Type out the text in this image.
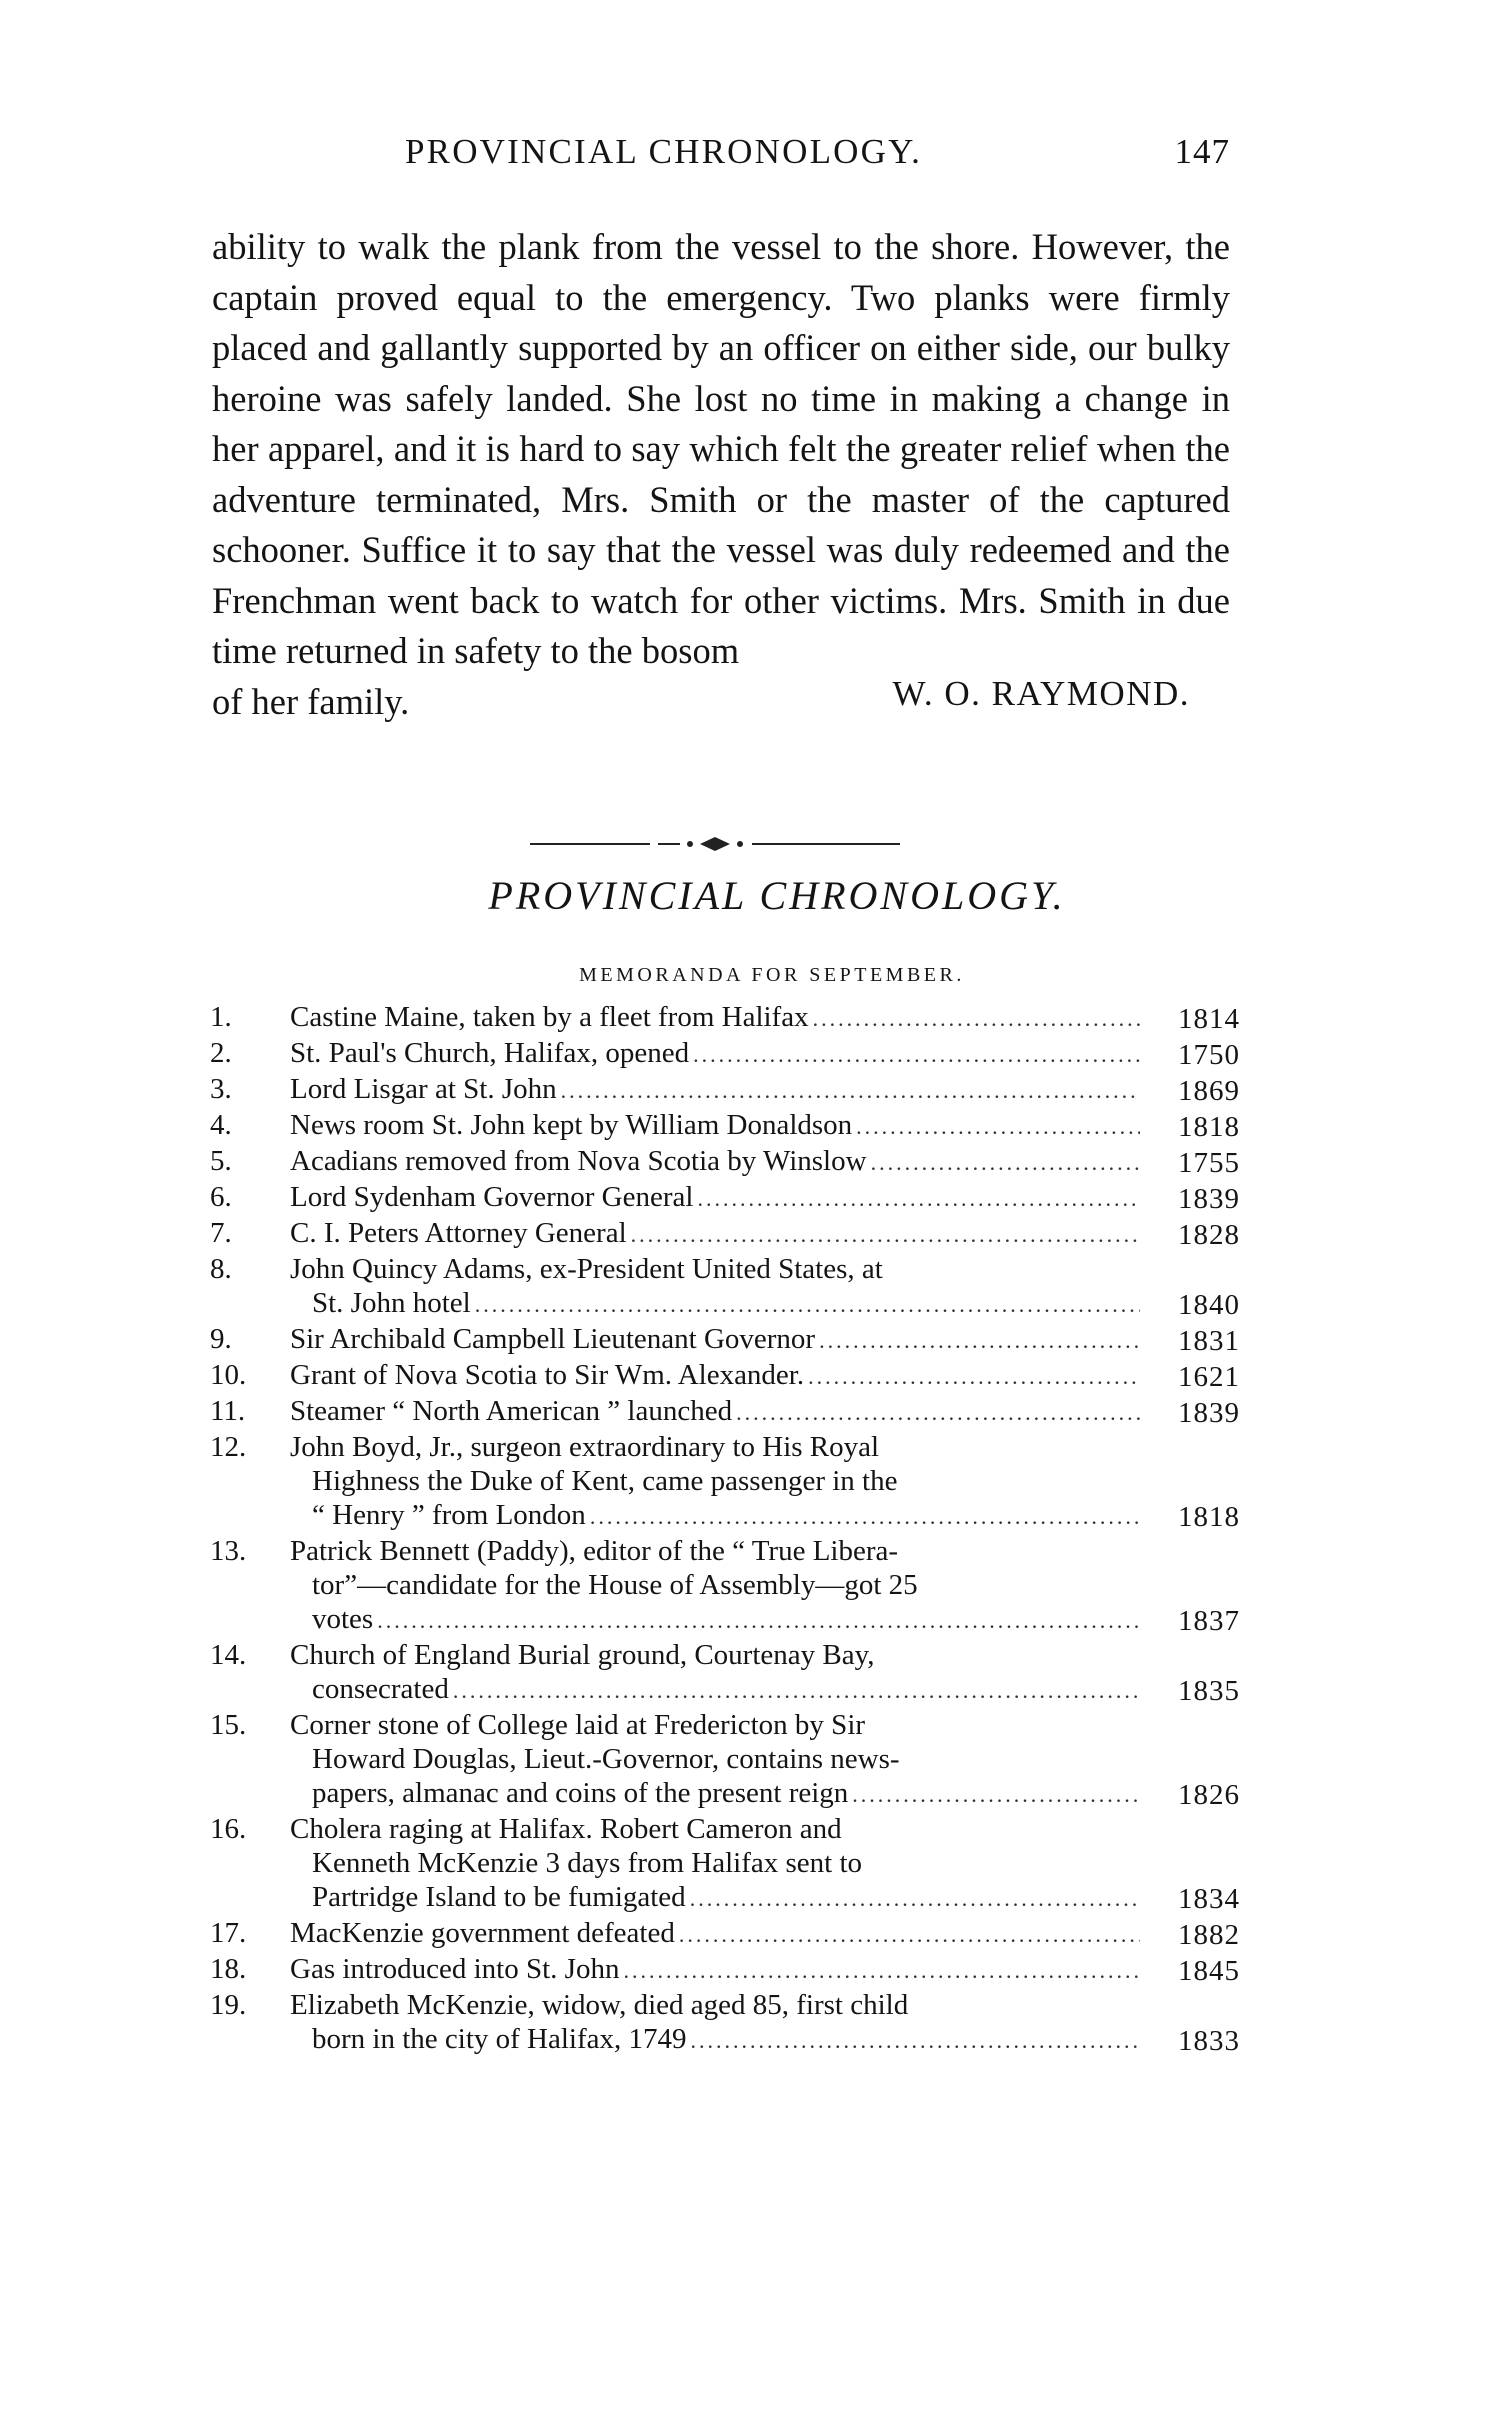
PROVINCIAL CHRONOLOGY.	147

ability to walk the plank from the vessel to the shore. However, the captain proved equal to the emergency. Two planks were firmly placed and gallantly supported by an officer on either side, our bulky heroine was safely landed. She lost no time in making a change in her apparel, and it is hard to say which felt the greater relief when the adventure terminated, Mrs. Smith or the master of the captured schooner. Suffice it to say that the vessel was duly redeemed and the Frenchman went back to watch for other victims. Mrs. Smith in due time returned in safety to the bosom

of her family.	W. O. RAYMOND.
PROVINCIAL CHRONOLOGY.
MEMORANDA FOR SEPTEMBER.
1.	Castine Maine, taken by a fleet from Halifax .....	1814
2.	St. Paul's Church, Halifax, opened .....	1750
3.	Lord Lisgar at St. John .....	1869
4.	News room St. John kept by William Donaldson .....	1818
5.	Acadians removed from Nova Scotia by Winslow .....	1755
6.	Lord Sydenham Governor General .....	1839
7.	C. I. Peters Attorney General .....	1828
8.	John Quincy Adams, ex-President United States, at
St. John hotel .....	1840
9.	Sir Archibald Campbell Lieutenant Governor .....	1831
10.	Grant of Nova Scotia to Sir Wm. Alexander. .....	1621
11.	Steamer “ North American ” launched .....	1839
12.	John Boyd, Jr., surgeon extraordinary to His Royal
Highness the Duke of Kent, came passenger in the
“ Henry ” from London .....	1818
13.	Patrick Bennett (Paddy), editor of the “ True Libera-
tor”—candidate for the House of Assembly—got 25
votes .....	1837
14.	Church of England Burial ground, Courtenay Bay,
consecrated .....	1835
15.	Corner stone of College laid at Fredericton by Sir
Howard Douglas, Lieut.-Governor, contains news-
papers, almanac and coins of the present reign .....	1826
16.	Cholera raging at Halifax. Robert Cameron and
Kenneth McKenzie 3 days from Halifax sent to
Partridge Island to be fumigated .....	1834
17.	MacKenzie government defeated .....	1882
18.	Gas introduced into St. John .....	1845
19.	Elizabeth McKenzie, widow, died aged 85, first child
born in the city of Halifax, 1749 .....	1833
